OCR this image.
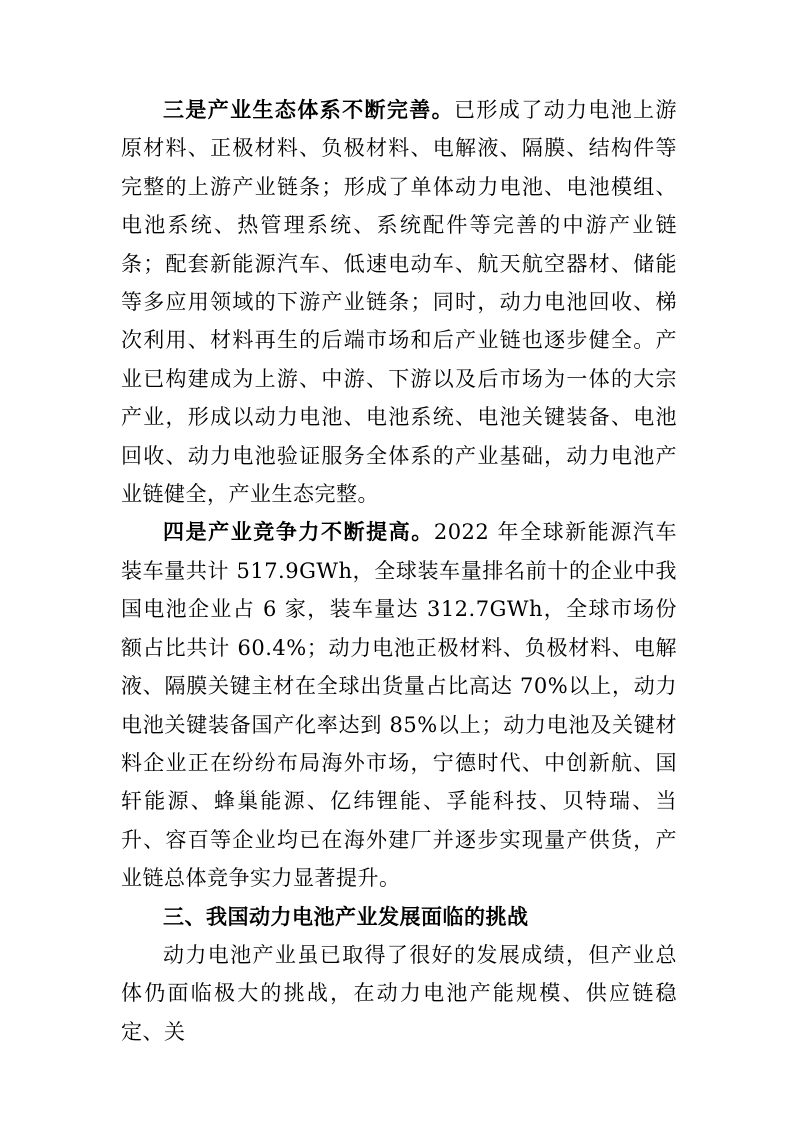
三是产业生态体系不断完善。已形成了动力电池上游原材料、正极材料、负极材料、电解液、隔膜、结构件等完整的上游产业链条；形成了单体动力电池、电池模组、电池系统、热管理系统、系统配件等完善的中游产业链条；配套新能源汽车、低速电动车、航天航空器材、储能等多应用领域的下游产业链条；同时，动力电池回收、梯次利用、材料再生的后端市场和后产业链也逐步健全。产业已构建成为上游、中游、下游以及后市场为一体的大宗产业，形成以动力电池、电池系统、电池关键装备、电池回收、动力电池验证服务全体系的产业基础，动力电池产业链健全，产业生态完整。

四是产业竞争力不断提高。2022 年全球新能源汽车装车量共计 517.9GWh，全球装车量排名前十的企业中我国电池企业占 6 家，装车量达 312.7GWh，全球市场份额占比共计 60.4%；动力电池正极材料、负极材料、电解液、隔膜关键主材在全球出货量占比高达 70%以上，动力电池关键装备国产化率达到 85%以上；动力电池及关键材料企业正在纷纷布局海外市场，宁德时代、中创新航、国轩能源、蜂巢能源、亿纬锂能、孚能科技、贝特瑞、当升、容百等企业均已在海外建厂并逐步实现量产供货，产业链总体竞争实力显著提升。

三、我国动力电池产业发展面临的挑战

动力电池产业虽已取得了很好的发展成绩，但产业总体仍面临极大的挑战，在动力电池产能规模、供应链稳定、关
